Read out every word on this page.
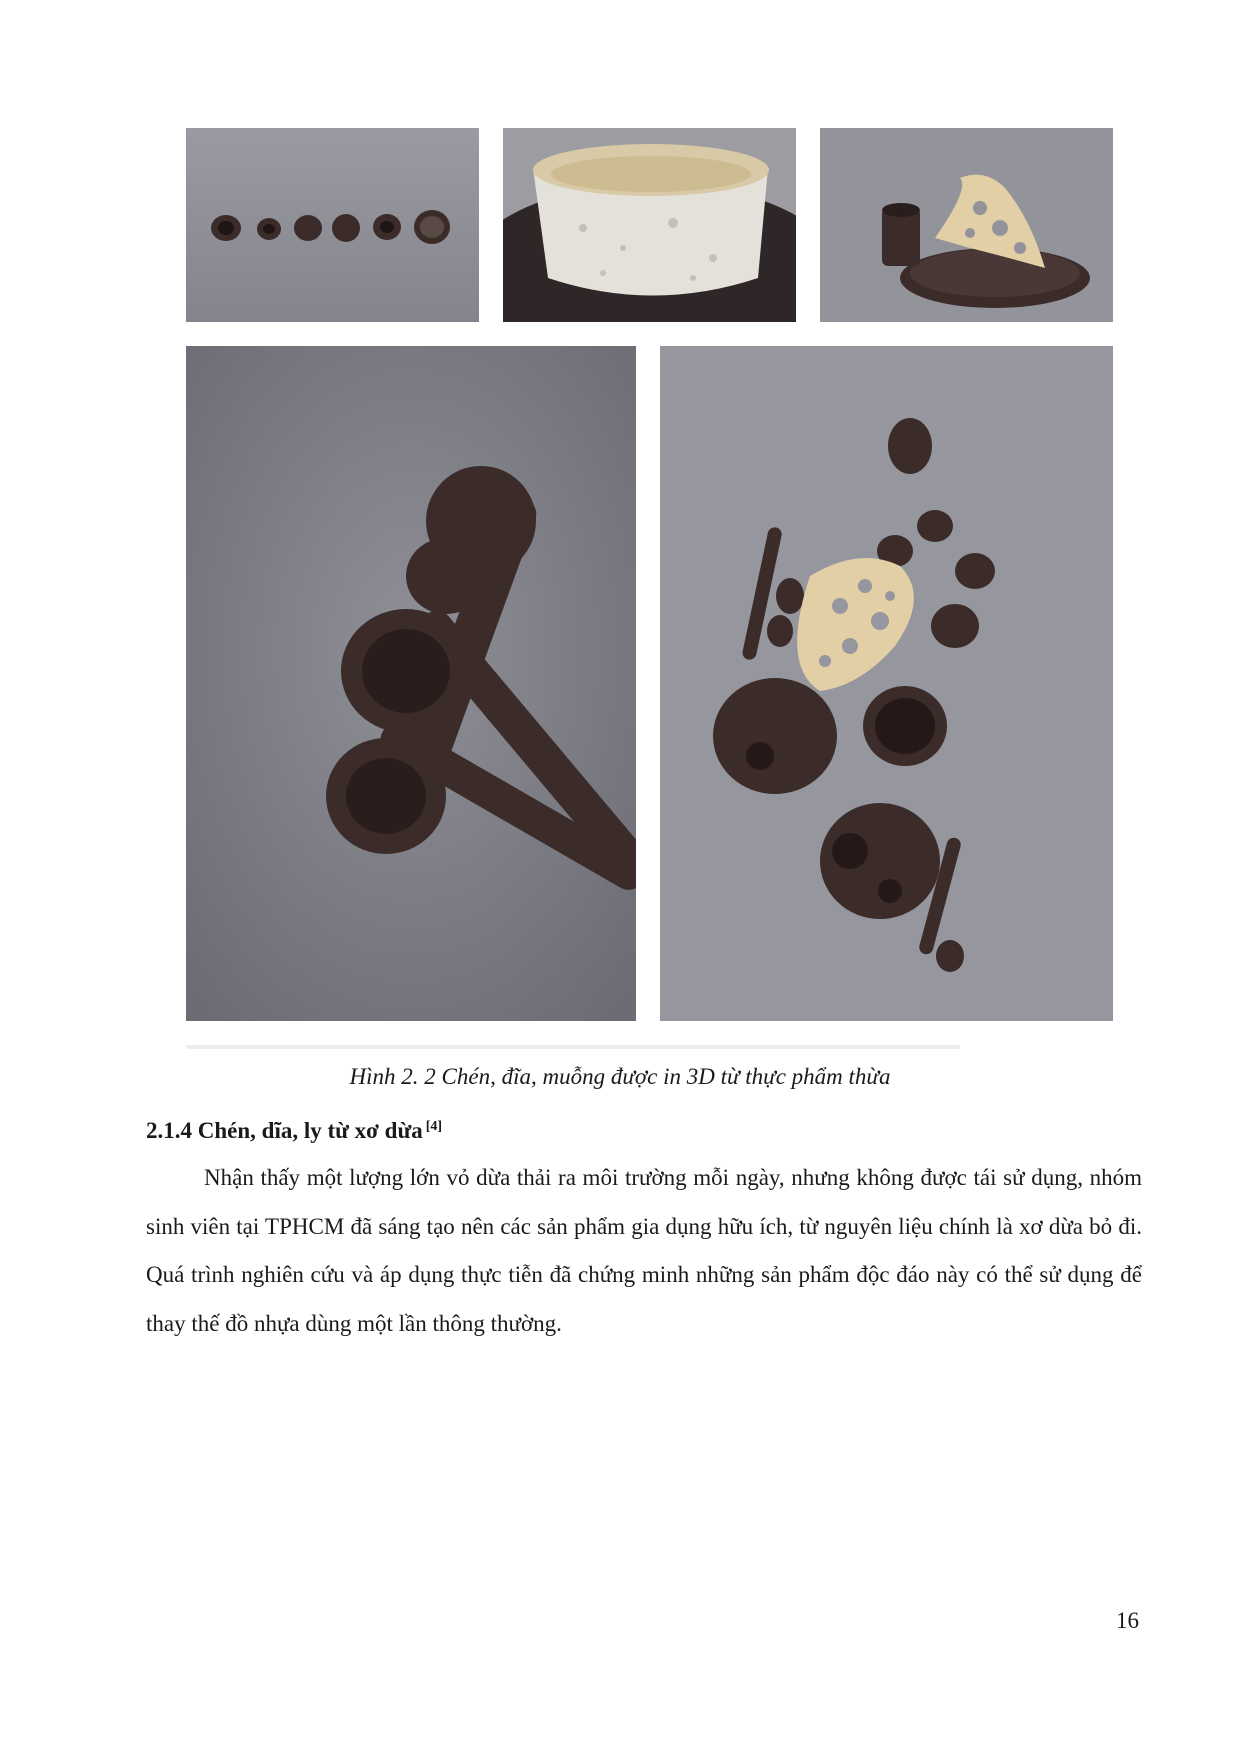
Hình 2. 2 Chén, đĩa, muỗng được in 3D từ thực phẩm thừa
2.1.4 Chén, dĩa, ly từ xơ dừa [4]

Nhận thấy một lượng lớn vỏ dừa thải ra môi trường mỗi ngày, nhưng không được tái sử dụng, nhóm sinh viên tại TPHCM đã sáng tạo nên các sản phẩm gia dụng hữu ích, từ nguyên liệu chính là xơ dừa bỏ đi. Quá trình nghiên cứu và áp dụng thực tiễn đã chứng minh những sản phẩm độc đáo này có thể sử dụng để thay thế đồ nhựa dùng một lần thông thường.

16
